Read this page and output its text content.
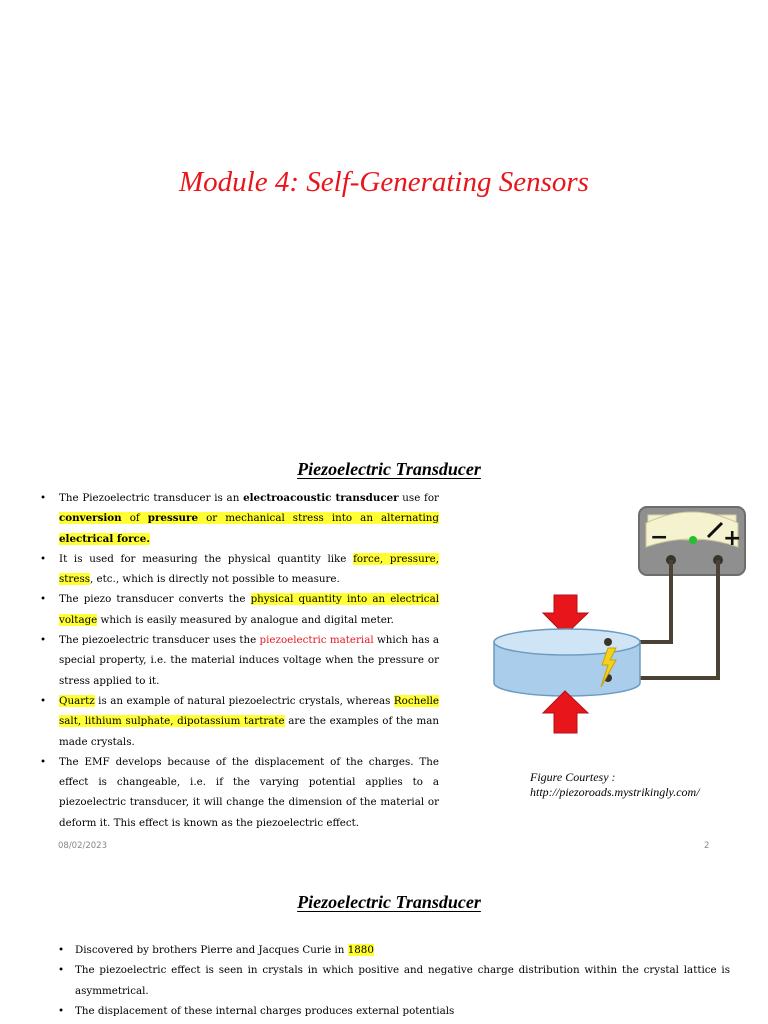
Module 4: Self-Generating Sensors
Piezoelectric Transducer
• The Piezoelectric transducer is an electroacoustic transducer use for conversion of pressure or mechanical stress into an alternating electrical force.
• It is used for measuring the physical quantity like force, pressure, stress, etc., which is directly not possible to measure.
• The piezo transducer converts the physical quantity into an electrical voltage which is easily measured by analogue and digital meter.
• The piezoelectric transducer uses the piezoelectric material which has a special property, i.e. the material induces voltage when the pressure or stress applied to it.
• Quartz is an example of natural piezoelectric crystals, whereas Rochelle salt, lithium sulphate, dipotassium tartrate are the examples of the man made crystals.
• The EMF develops because of the displacement of the charges. The effect is changeable, i.e. if the varying potential applies to a piezoelectric transducer, it will change the dimension of the material or deform it. This effect is known as the piezoelectric effect.
− +
Figure Courtesy :
http://piezoroads.mystrikingly.com/
08/02/2023	2
Piezoelectric Transducer
• Discovered by brothers Pierre and Jacques Curie in 1880
• The piezoelectric effect is seen in crystals in which positive and negative charge distribution within the crystal lattice is asymmetrical.
• The displacement of these internal charges produces external potentials
